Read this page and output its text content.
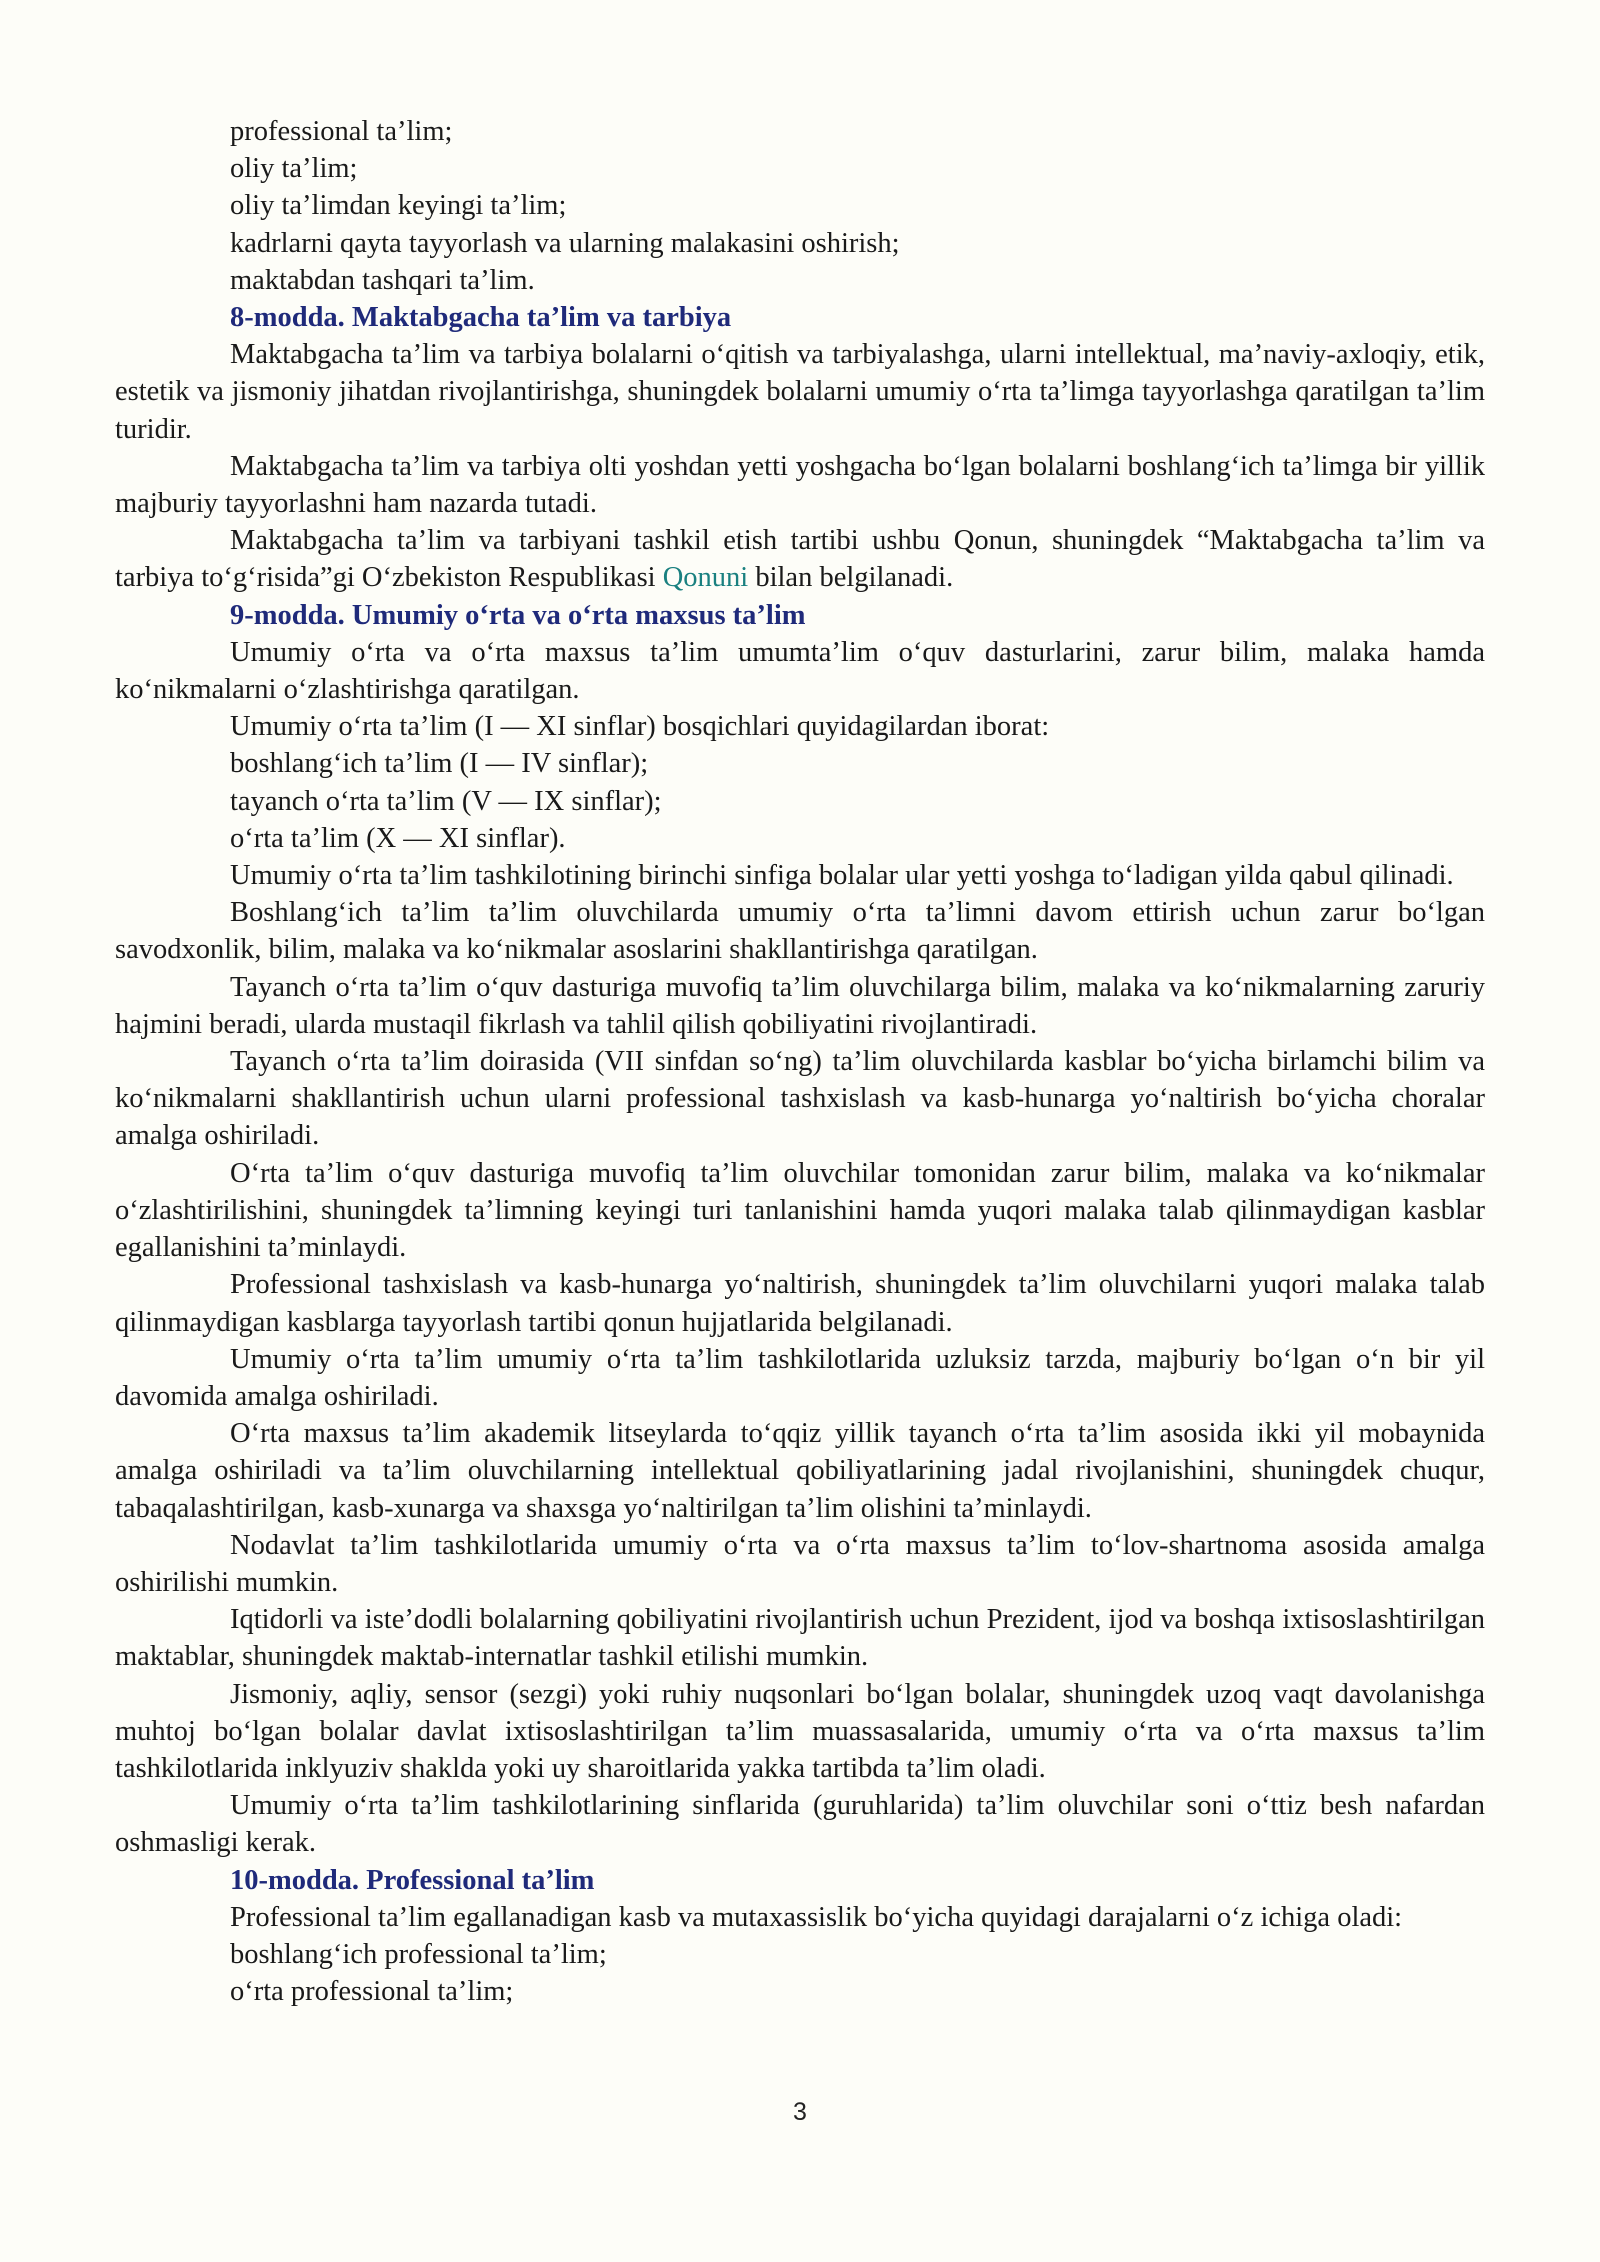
professional ta’lim;

oliy ta’lim;

oliy ta’limdan keyingi ta’lim;

kadrlarni qayta tayyorlash va ularning malakasini oshirish;

maktabdan tashqari ta’lim.

8-modda. Maktabgacha ta’lim va tarbiya

Maktabgacha ta’lim va tarbiya bolalarni o‘qitish va tarbiyalashga, ularni intellektual, ma’naviy-axloqiy, etik, estetik va jismoniy jihatdan rivojlantirishga, shuningdek bolalarni umumiy o‘rta ta’limga tayyorlashga qaratilgan ta’lim turidir.

Maktabgacha ta’lim va tarbiya olti yoshdan yetti yoshgacha bo‘lgan bolalarni boshlang‘ich ta’limga bir yillik majburiy tayyorlashni ham nazarda tutadi.

Maktabgacha ta’lim va tarbiyani tashkil etish tartibi ushbu Qonun, shuningdek “Maktabgacha ta’lim va tarbiya to‘g‘risida”gi O‘zbekiston Respublikasi Qonuni bilan belgilanadi.

9-modda. Umumiy o‘rta va o‘rta maxsus ta’lim

Umumiy o‘rta va o‘rta maxsus ta’lim umumta’lim o‘quv dasturlarini, zarur bilim, malaka hamda ko‘nikmalarni o‘zlashtirishga qaratilgan.

Umumiy o‘rta ta’lim (I — XI sinflar) bosqichlari quyidagilardan iborat:

boshlang‘ich ta’lim (I — IV sinflar);

tayanch o‘rta ta’lim (V — IX sinflar);

o‘rta ta’lim (X — XI sinflar).

Umumiy o‘rta ta’lim tashkilotining birinchi sinfiga bolalar ular yetti yoshga to‘ladigan yilda qabul qilinadi.

Boshlang‘ich ta’lim ta’lim oluvchilarda umumiy o‘rta ta’limni davom ettirish uchun zarur bo‘lgan savodxonlik, bilim, malaka va ko‘nikmalar asoslarini shakllantirishga qaratilgan.

Tayanch o‘rta ta’lim o‘quv dasturiga muvofiq ta’lim oluvchilarga bilim, malaka va ko‘nikmalarning zaruriy hajmini beradi, ularda mustaqil fikrlash va tahlil qilish qobiliyatini rivojlantiradi.

Tayanch o‘rta ta’lim doirasida (VII sinfdan so‘ng) ta’lim oluvchilarda kasblar bo‘yicha birlamchi bilim va ko‘nikmalarni shakllantirish uchun ularni professional tashxislash va kasb-hunarga yo‘naltirish bo‘yicha choralar amalga oshiriladi.

O‘rta ta’lim o‘quv dasturiga muvofiq ta’lim oluvchilar tomonidan zarur bilim, malaka va ko‘nikmalar o‘zlashtirilishini, shuningdek ta’limning keyingi turi tanlanishini hamda yuqori malaka talab qilinmaydigan kasblar egallanishini ta’minlaydi.

Professional tashxislash va kasb-hunarga yo‘naltirish, shuningdek ta’lim oluvchilarni yuqori malaka talab qilinmaydigan kasblarga tayyorlash tartibi qonun hujjatlarida belgilanadi.

Umumiy o‘rta ta’lim umumiy o‘rta ta’lim tashkilotlarida uzluksiz tarzda, majburiy bo‘lgan o‘n bir yil davomida amalga oshiriladi.

O‘rta maxsus ta’lim akademik litseylarda to‘qqiz yillik tayanch o‘rta ta’lim asosida ikki yil mobaynida amalga oshiriladi va ta’lim oluvchilarning intellektual qobiliyatlarining jadal rivojlanishini, shuningdek chuqur, tabaqalashtirilgan, kasb-xunarga va shaxsga yo‘naltirilgan ta’lim olishini ta’minlaydi.

Nodavlat ta’lim tashkilotlarida umumiy o‘rta va o‘rta maxsus ta’lim to‘lov-shartnoma asosida amalga oshirilishi mumkin.

Iqtidorli va iste’dodli bolalarning qobiliyatini rivojlantirish uchun Prezident, ijod va boshqa ixtisoslashtirilgan maktablar, shuningdek maktab-internatlar tashkil etilishi mumkin.

Jismoniy, aqliy, sensor (sezgi) yoki ruhiy nuqsonlari bo‘lgan bolalar, shuningdek uzoq vaqt davolanishga muhtoj bo‘lgan bolalar davlat ixtisoslashtirilgan ta’lim muassasalarida, umumiy o‘rta va o‘rta maxsus ta’lim tashkilotlarida inklyuziv shaklda yoki uy sharoitlarida yakka tartibda ta’lim oladi.

Umumiy o‘rta ta’lim tashkilotlarining sinflarida (guruhlarida) ta’lim oluvchilar soni o‘ttiz besh nafardan oshmasligi kerak.

10-modda. Professional ta’lim

Professional ta’lim egallanadigan kasb va mutaxassislik bo‘yicha quyidagi darajalarni o‘z ichiga oladi:

boshlang‘ich professional ta’lim;

o‘rta professional ta’lim;

3
